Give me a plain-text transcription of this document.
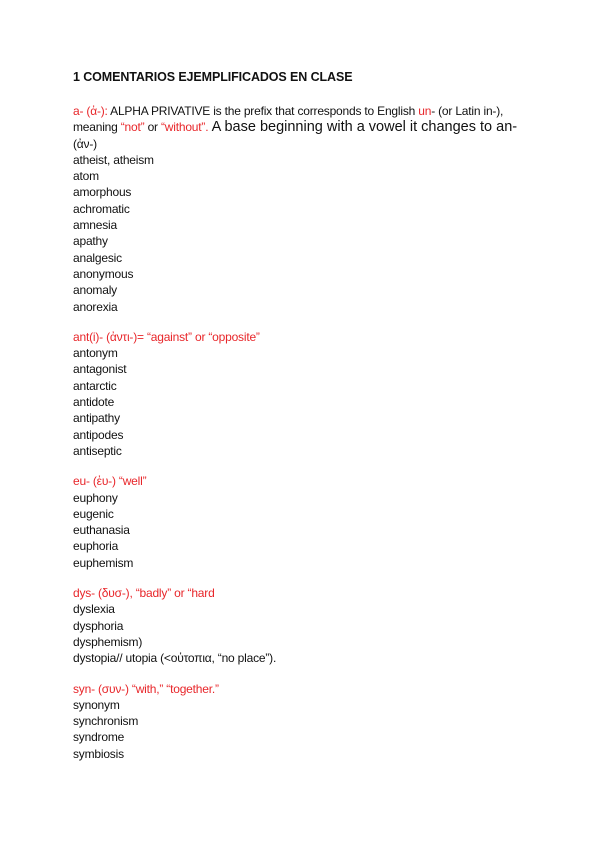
1 COMENTARIOS EJEMPLIFICADOS EN CLASE
a- (ἀ-): ALPHA PRIVATIVE is the prefix that corresponds to English un- (or Latin in-),
meaning “not” or “without”. A base beginning with a vowel it changes to an-
(ἀν-)
atheist, atheism
atom
amorphous
achromatic
amnesia
apathy
analgesic
anonymous
anomaly
anorexia
ant(i)- (ἀντι-)= “against” or “opposite”
antonym
antagonist
antarctic
antidote
antipathy
antipodes
antiseptic
eu- (ἐυ-) “well”
euphony
eugenic
euthanasia
euphoria
euphemism
dys- (δυσ-), “badly” or “hard
dyslexia
dysphoria
dysphemism)
dystopia// utopia (<οὐτοπια, “no place”).
syn- (συν-) “with,” “together.”
synonym
synchronism
syndrome
symbiosis
